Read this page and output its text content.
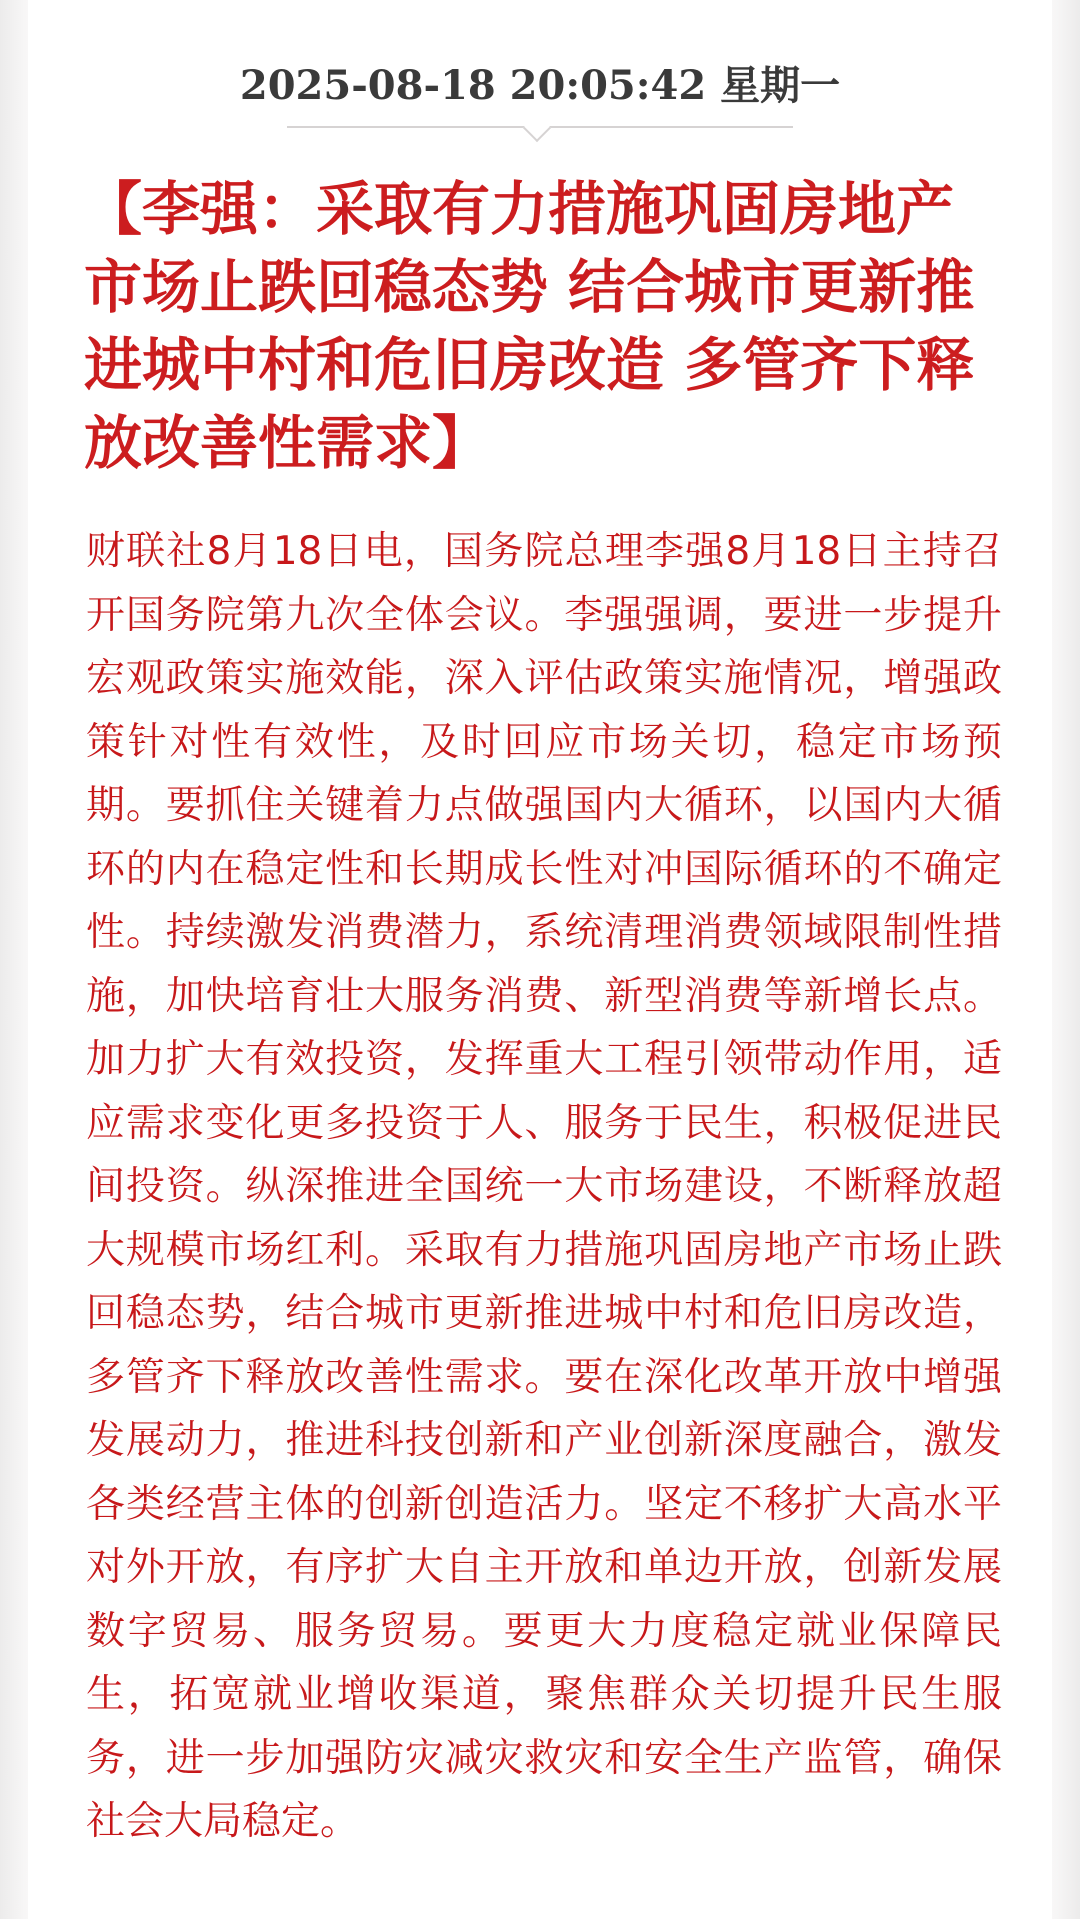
2025-08-18 20:05:42 星期一
【李强：采取有力措施巩固房地产市场止跌回稳态势 结合城市更新推进城中村和危旧房改造 多管齐下释放改善性需求】

财联社8月18日电，国务院总理李强8月18日主持召开国务院第九次全体会议。李强强调，要进一步提升宏观政策实施效能，深入评估政策实施情况，增强政策针对性有效性，及时回应市场关切，稳定市场预期。要抓住关键着力点做强国内大循环，以国内大循环的内在稳定性和长期成长性对冲国际循环的不确定性。持续激发消费潜力，系统清理消费领域限制性措施，加快培育壮大服务消费、新型消费等新增长点。加力扩大有效投资，发挥重大工程引领带动作用，适应需求变化更多投资于人、服务于民生，积极促进民间投资。纵深推进全国统一大市场建设，不断释放超大规模市场红利。采取有力措施巩固房地产市场止跌回稳态势，结合城市更新推进城中村和危旧房改造，多管齐下释放改善性需求。要在深化改革开放中增强发展动力，推进科技创新和产业创新深度融合，激发各类经营主体的创新创造活力。坚定不移扩大高水平对外开放，有序扩大自主开放和单边开放，创新发展数字贸易、服务贸易。要更大力度稳定就业保障民生，拓宽就业增收渠道，聚焦群众关切提升民生服务，进一步加强防灾减灾救灾和安全生产监管，确保社会大局稳定。
